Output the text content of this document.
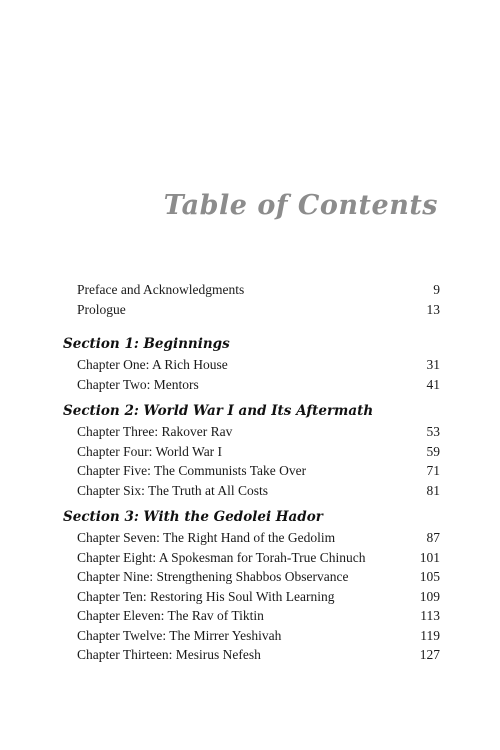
Table of Contents
Preface and Acknowledgments	9
Prologue	13
Section 1: Beginnings
Chapter One: A Rich House	31
Chapter Two: Mentors	41
Section 2: World War I and Its Aftermath
Chapter Three: Rakover Rav	53
Chapter Four: World War I	59
Chapter Five: The Communists Take Over	71
Chapter Six: The Truth at All Costs	81
Section 3: With the Gedolei Hador
Chapter Seven: The Right Hand of the Gedolim	87
Chapter Eight: A Spokesman for Torah-True Chinuch	101
Chapter Nine: Strengthening Shabbos Observance	105
Chapter Ten: Restoring His Soul With Learning	109
Chapter Eleven: The Rav of Tiktin	113
Chapter Twelve: The Mirrer Yeshivah	119
Chapter Thirteen: Mesirus Nefesh	127
